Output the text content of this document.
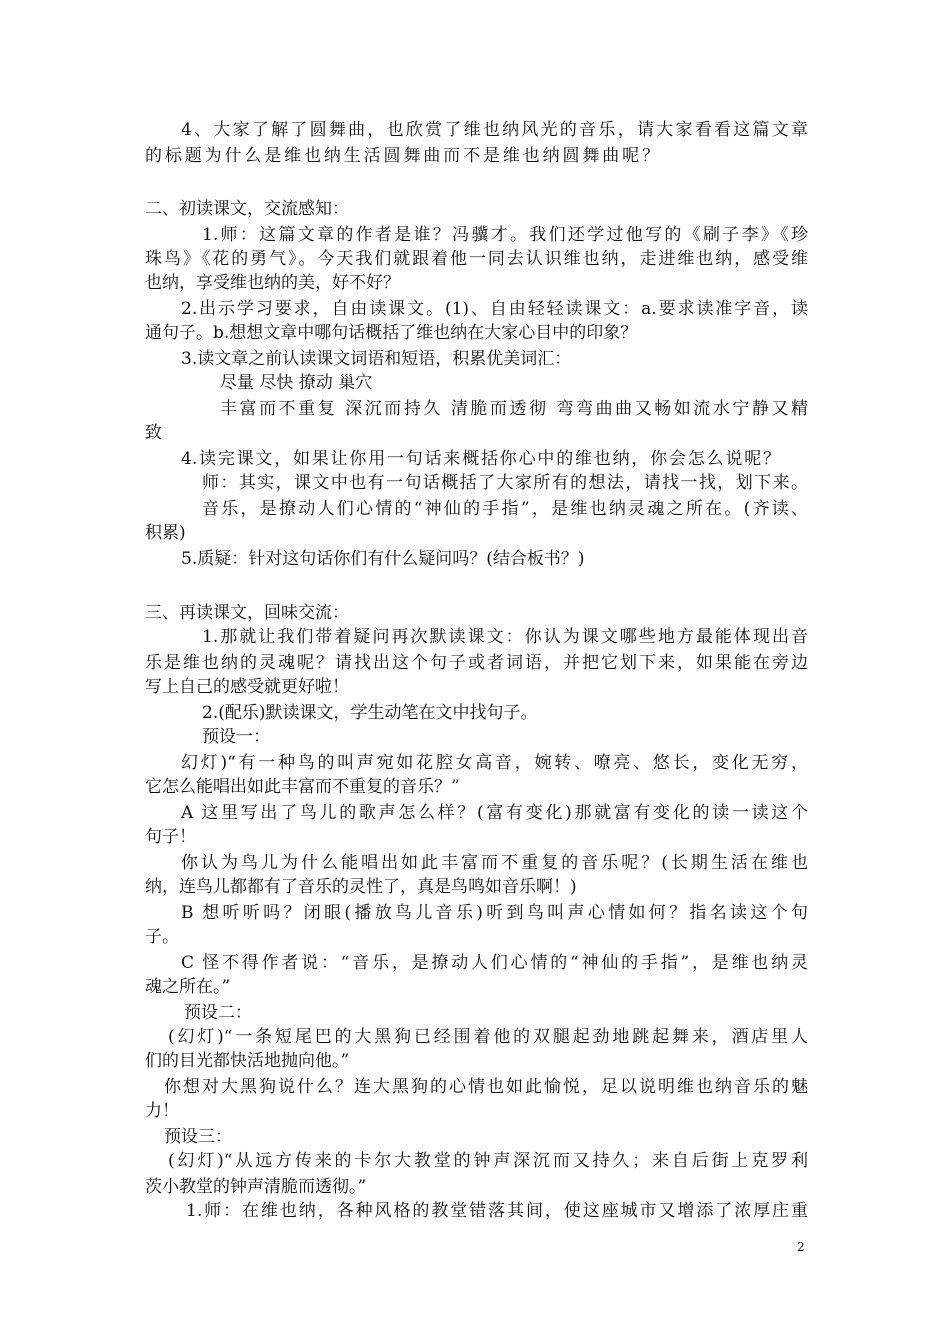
4、大家了解了圆舞曲，也欣赏了维也纳风光的音乐，请大家看看这篇文章
的标题为什么是维也纳生活圆舞曲而不是维也纳圆舞曲呢？
二、初读课文，交流感知：
1.师：这篇文章的作者是谁？冯骥才。我们还学过他写的《刷子李》《珍
珠鸟》《花的勇气》。今天我们就跟着他一同去认识维也纳，走进维也纳，感受维
也纳，享受维也纳的美，好不好？
2.出示学习要求，自由读课文。(1)、自由轻轻读课文：a.要求读准字音，读
通句子。b.想想文章中哪句话概括了维也纳在大家心目中的印象？
3.读文章之前认读课文词语和短语，积累优美词汇：
尽量 尽快 撩动 巢穴
丰富而不重复 深沉而持久 清脆而透彻 弯弯曲曲又畅如流水宁静又精
致
4.读完课文，如果让你用一句话来概括你心中的维也纳，你会怎么说呢？
师：其实，课文中也有一句话概括了大家所有的想法，请找一找，划下来。
音乐，是撩动人们心情的“神仙的手指”，是维也纳灵魂之所在。(齐读、
积累)
5.质疑：针对这句话你们有什么疑问吗？(结合板书？)
三、再读课文，回味交流：
1.那就让我们带着疑问再次默读课文：你认为课文哪些地方最能体现出音
乐是维也纳的灵魂呢？请找出这个句子或者词语，并把它划下来，如果能在旁边
写上自己的感受就更好啦！
2.(配乐)默读课文，学生动笔在文中找句子。
预设一：
幻灯)“有一种鸟的叫声宛如花腔女高音，婉转、嘹亮、悠长，变化无穷，
它怎么能唱出如此丰富而不重复的音乐？”
A 这里写出了鸟儿的歌声怎么样？(富有变化)那就富有变化的读一读这个
句子！
你认为鸟儿为什么能唱出如此丰富而不重复的音乐呢？(长期生活在维也
纳，连鸟儿都都有了音乐的灵性了，真是鸟鸣如音乐啊！)
B 想听听吗？闭眼(播放鸟儿音乐)听到鸟叫声心情如何？指名读这个句
子。
C 怪不得作者说：“音乐，是撩动人们心情的“神仙的手指”，是维也纳灵
魂之所在。”
预设二：
(幻灯)“一条短尾巴的大黑狗已经围着他的双腿起劲地跳起舞来，酒店里人
们的目光都快活地抛向他。”
你想对大黑狗说什么？连大黑狗的心情也如此愉悦，足以说明维也纳音乐的魅
力！
预设三：
(幻灯)“从远方传来的卡尔大教堂的钟声深沉而又持久；来自后街上克罗利
茨小教堂的钟声清脆而透彻。”
1.师：在维也纳，各种风格的教堂错落其间，使这座城市又增添了浓厚庄重
2
